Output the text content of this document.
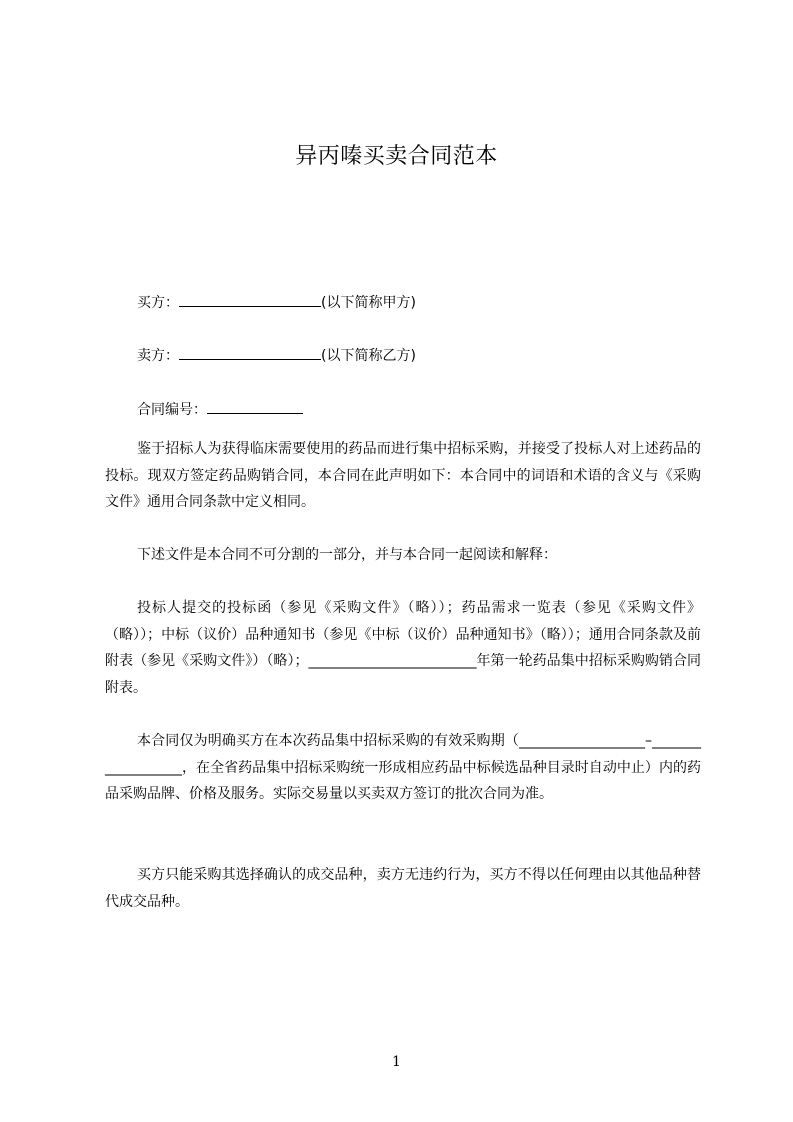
异丙嗪买卖合同范本
买方：	(以下简称甲方)
卖方：	(以下简称乙方)
合同编号：

鉴于招标人为获得临床需要使用的药品而进行集中招标采购，并接受了投标人对上述药品的投标。现双方签定药品购销合同，本合同在此声明如下：本合同中的词语和术语的含义与《采购文件》通用合同条款中定义相同。

下述文件是本合同不可分割的一部分，并与本合同一起阅读和解释：

投标人提交的投标函（参见《采购文件》（略））；药品需求一览表（参见《采购文件》（略））；中标（议价）品种通知书（参见《中标（议价）品种通知书》（略））；通用合同条款及前附表（参见《采购文件》）（略）；________________________年第一轮药品集中招标采购购销合同附表。

本合同仅为明确买方在本次药品集中招标采购的有效采购期（__________________–__________________，在全省药品集中招标采购统一形成相应药品中标候选品种目录时自动中止）内的药品采购品牌、价格及服务。实际交易量以买卖双方签订的批次合同为准。

买方只能采购其选择确认的成交品种，卖方无违约行为，买方不得以任何理由以其他品种替代成交品种。

1
